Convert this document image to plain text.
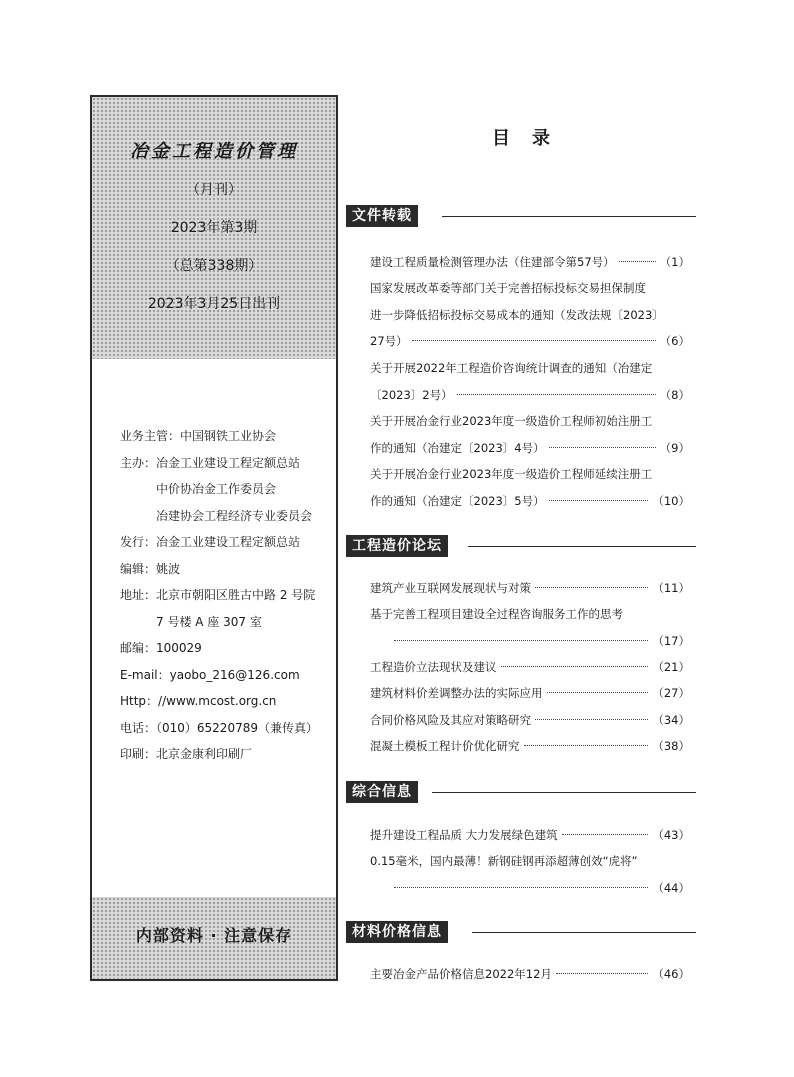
冶金工程造价管理
（月刊）
2023年第3期
（总第338期）
2023年3月25日出刊
业务主管：中国钢铁工业协会
主办：冶金工业建设工程定额总站
中价协冶金工作委员会
冶建协会工程经济专业委员会
发行：冶金工业建设工程定额总站
编辑：姚波
地址：北京市朝阳区胜古中路 2 号院
7 号楼 A 座 307 室
邮编：100029
E-mail：yaobo_216@126.com
Http：//www.mcost.org.cn
电话：（010）65220789（兼传真）
印刷：北京金康利印刷厂
内部资料 · 注意保存
目录
文件转载
建设工程质量检测管理办法（住建部令第57号）	（1）
国家发展改革委等部门关于完善招标投标交易担保制度
进一步降低招标投标交易成本的通知（发改法规〔2023〕
27号）	（6）
关于开展2022年工程造价咨询统计调查的通知（冶建定
〔2023〕2号）	（8）
关于开展冶金行业2023年度一级造价工程师初始注册工
作的通知（冶建定〔2023〕4号）	（9）
关于开展冶金行业2023年度一级造价工程师延续注册工
作的通知（冶建定〔2023〕5号）	（10）
工程造价论坛
建筑产业互联网发展现状与对策	（11）
基于完善工程项目建设全过程咨询服务工作的思考
（17）
工程造价立法现状及建议	（21）
建筑材料价差调整办法的实际应用	（27）
合同价格风险及其应对策略研究	（34）
混凝土模板工程计价优化研究	（38）
综合信息
提升建设工程品质 大力发展绿色建筑	（43）
0.15毫米，国内最薄！新钢硅钢再添超薄创效“虎将”
（44）
材料价格信息
主要冶金产品价格信息2022年12月	（46）
